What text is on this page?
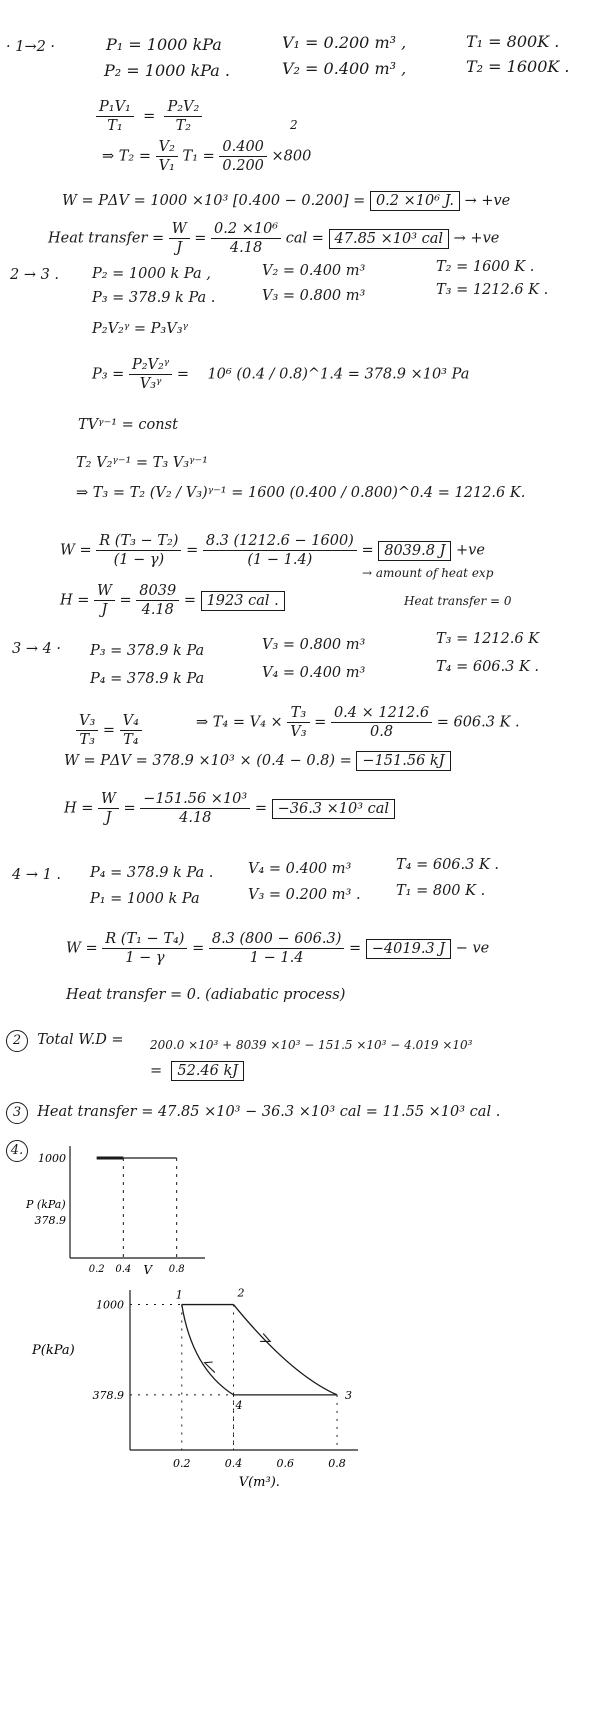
· 1→2 ·	P₁ = 1000 kPa	V₁ = 0.200 m³ ,	T₁ = 800K .
P₂ = 1000 kPa .	V₂ = 0.400 m³ ,	T₂ = 1600K .
$\frac{\text{P₁V₁}}{\text{T₁}} = \frac{\text{P₂V₂}}{\text{T₂}}$	2
⇒ $T_2 = \frac{\text{V₂}}{\text{V₁}} T_1 = \frac{0.400}{0.200} \times 800$
W = PΔV = 1000 ×10³ [0.400 − 0.200] = 0.2 ×10⁶ J. → +ve
Heat transfer = $\frac{W}{J} = \frac{\text{0.2 ×10⁶}}{4.18}$ cal = 47.85 ×10³ cal → +ve
2 → 3 . P₂ = 1000 k Pa ,	V₂ = 0.400 m³	T₂ = 1600 K .
P₃ = 378.9 k Pa .	V₃ = 0.800 m³	T₃ = 1212.6 K .
P₂V₂ᵞ = P₃V₃ᵞ
$P_3 = \frac{\text{P₂V₂ᵞ}}{\text{V₃ᵞ}} = 10^6$ (0.4 / 0.8)^1.4 = 378.9 ×10³ Pa
TVᵞ⁻¹ = const
T₂ V₂ᵞ⁻¹ = T₃ V₃ᵞ⁻¹
⇒ T₃ = T₂ (V₂ / V₃)ᵞ⁻¹ = 1600 (0.400 / 0.800)^0.4 = 1212.6 K.
$W = \frac{\text{R (T₃ − T₂)}}{(1 - \gamma)} = \frac{8.3 (1212.6 - 1600)}{(1 - 1.4)} = 8039.8$ J +ve
→ amount of heat exp
$H = \frac{W}{J} = \frac{8039}{4.18} = 1923$ cal .	Heat transfer = 0
3 → 4 · P₃ = 378.9 k Pa	V₃ = 0.800 m³	T₃ = 1212.6 K
P₄ = 378.9 k Pa	V₄ = 0.400 m³	T₄ = 606.3 K .
$\frac{\text{V₃}}{\text{T₃}} = \frac{\text{V₄}}{\text{T₄}}$	⇒ $T_4 = V_4 \times \frac{\text{T₃}}{\text{V₃}} = \frac{0.4 \times 1212.6}{0.8} = 606.3$ K .
W = PΔV = 378.9 ×10³ × (0.4 − 0.8) = −151.56 kJ
$H = \frac{W}{J} = \frac{\text{−151.56 ×10³}}{4.18} = -36.3 \times 10^3$ cal
4 → 1 . P₄ = 378.9 k Pa . V₄ = 0.400 m³	T₄ = 606.3 K .
P₁ = 1000 k Pa	V₃ = 0.200 m³ . T₁ = 800 K .
$W = \frac{\text{R (T₁ − T₄)}}{1 - \gamma} = \frac{8.3 (800 - 606.3)}{1 - 1.4} = -4019.3$ J − ve
Heat transfer = 0. (adiabatic process)
2 Total W.D = 200.0 ×10³ + 8039 ×10³ − 151.5 ×10³ − 4.019 ×10³
= 52.46 kJ
3 Heat transfer = 47.85 ×10³ − 36.3 ×10³ cal = 11.55 ×10³ cal .
4.
1000
378.9
0.2 0.4	0.8
P (kPa)
V
1	2
3
4
1000
378.9
0.2	0.4	0.6	0.8
P(kPa)
V(m³).
